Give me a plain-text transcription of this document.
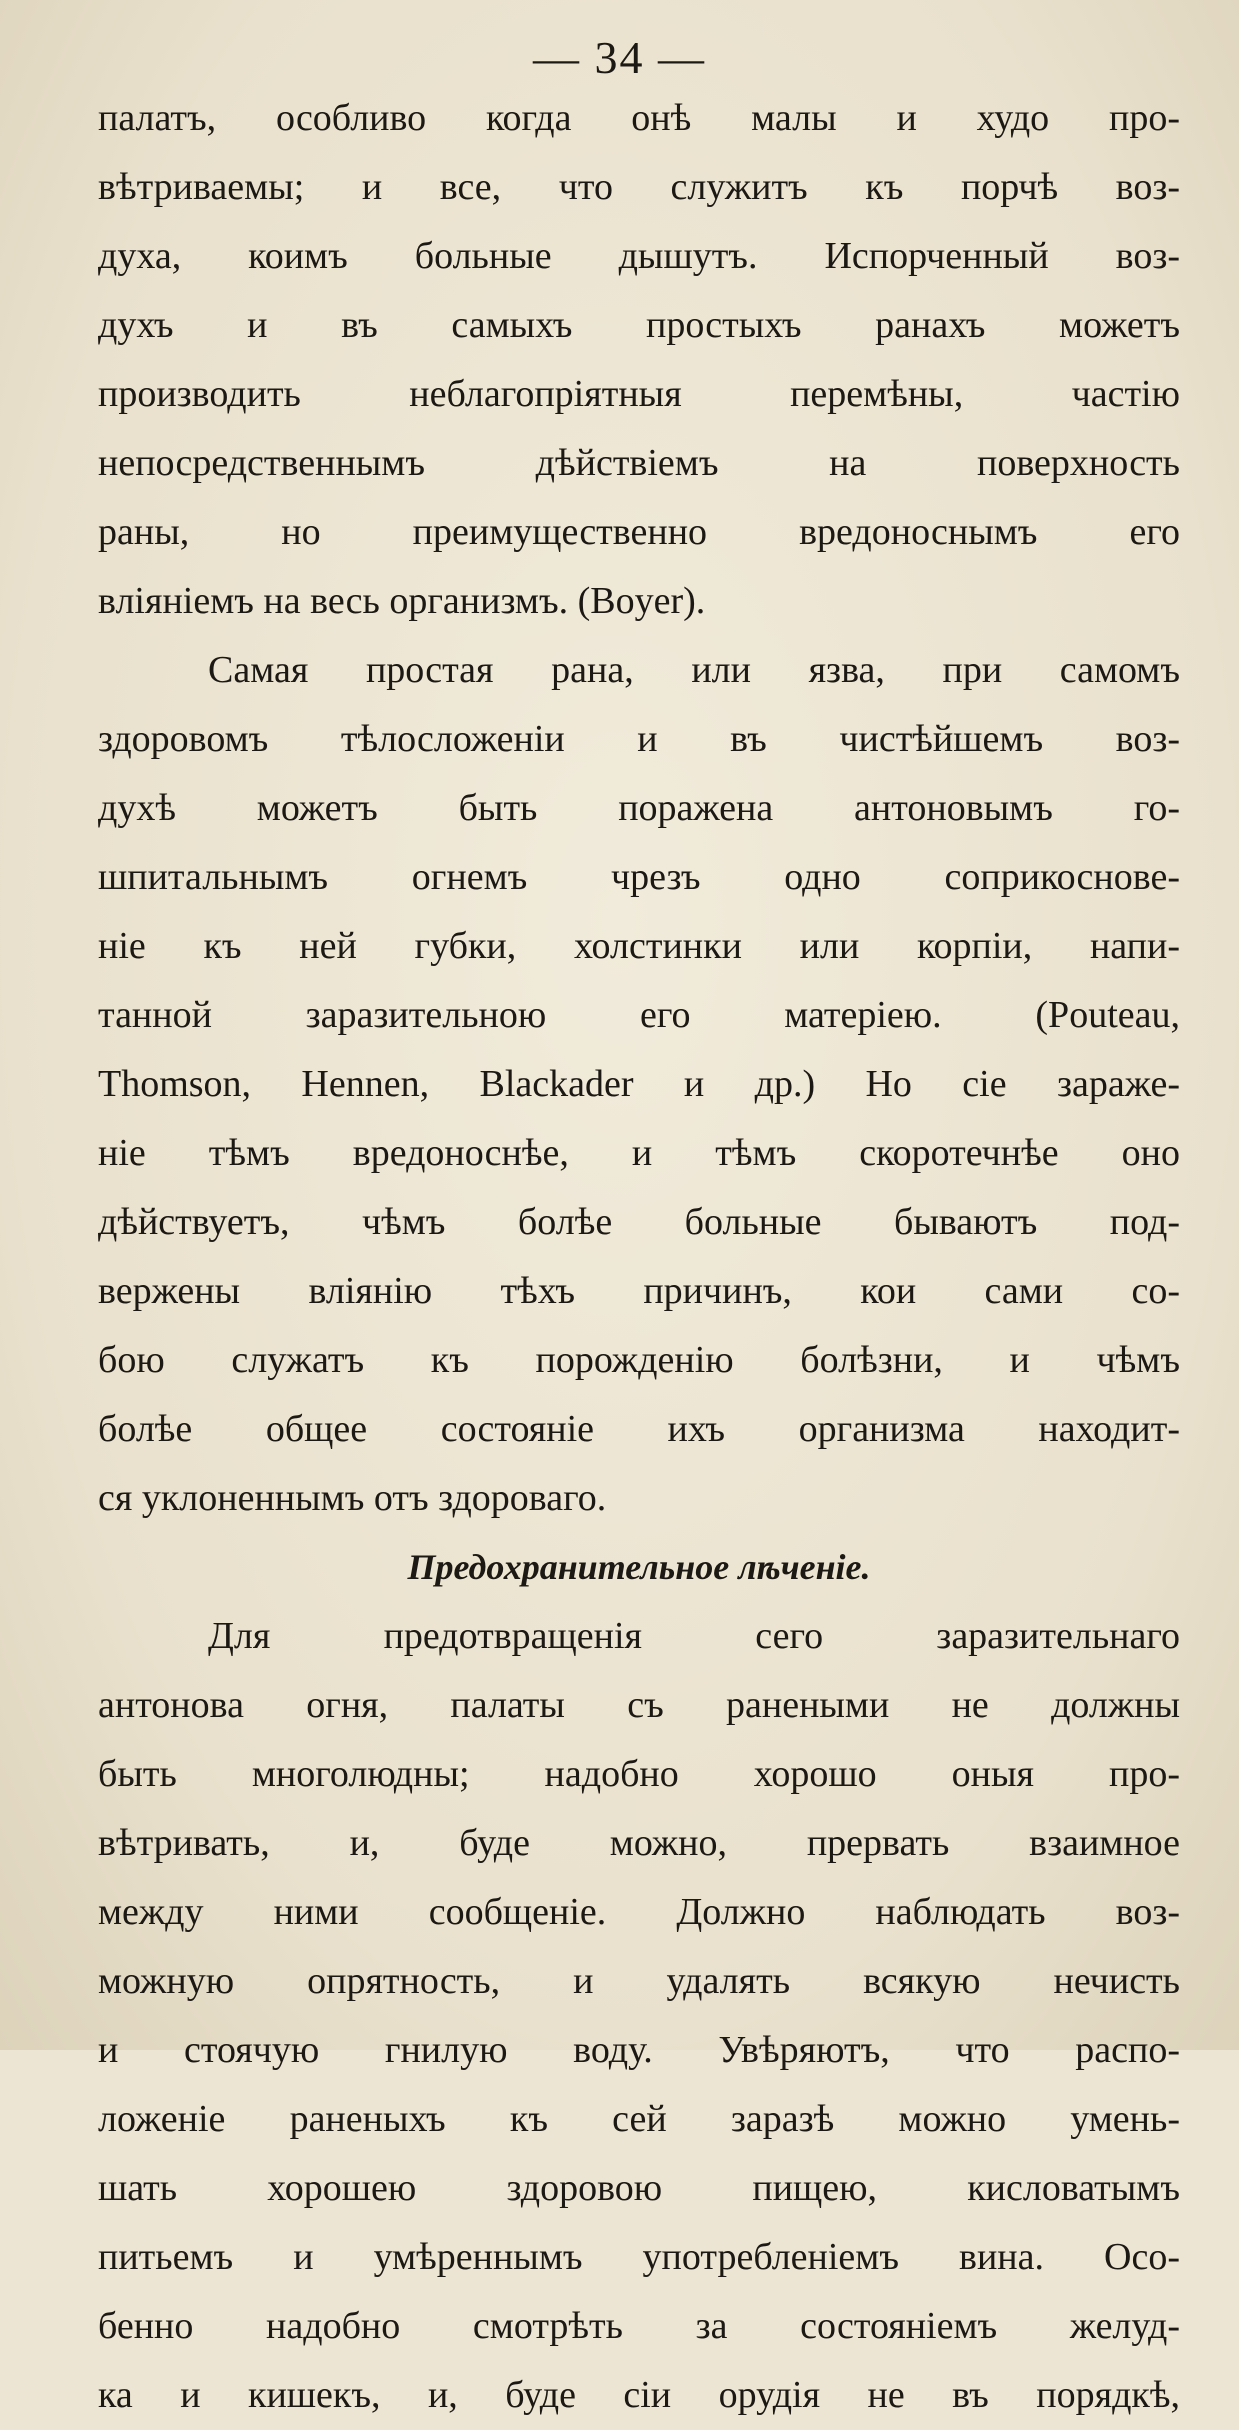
— 34 —
палатъ, особливо когда онѣ малы и худо про-
вѣтриваемы; и все, что служитъ къ порчѣ воз-
духа, коимъ больные дышутъ. Испорченный воз-
духъ и въ самыхъ простыхъ ранахъ можетъ
производить неблагопріятныя перемѣны, частію
непосредственнымъ дѣйствіемъ на поверхность
раны, но преимущественно вредоноснымъ его
вліяніемъ на весь организмъ. (Boyer).
Самая простая рана, или язва, при самомъ
здоровомъ тѣлосложеніи и въ чистѣйшемъ воз-
духѣ можетъ быть поражена антоновымъ го-
шпитальнымъ огнемъ чрезъ одно соприкоснове-
ніе къ ней губки, холстинки или корпіи, напи-
танной заразительною его матеріею. (Pouteau,
Thomson, Hennen, Blackader и др.) Но сіе зараже-
ніе тѣмъ вредоноснѣе, и тѣмъ скоротечнѣе оно
дѣйствуетъ, чѣмъ болѣе больные бываютъ под-
вержены вліянію тѣхъ причинъ, кои сами со-
бою служатъ къ порожденію болѣзни, и чѣмъ
болѣе общее состояніе ихъ организма находит-
ся уклоненнымъ отъ здороваго.
Предохранительное лѣченіе.
Для предотвращенія сего заразительнаго
антонова огня, палаты съ ранеными не должны
быть многолюдны; надобно хорошо оныя про-
вѣтривать, и, буде можно, прервать взаимное
между ними сообщеніе. Должно наблюдать воз-
можную опрятность, и удалять всякую нечисть
и стоячую гнилую воду. Увѣряютъ, что распо-
ложеніе раненыхъ къ сей заразѣ можно умень-
шать хорошею здоровою пищею, кисловатымъ
питьемъ и умѣреннымъ употребленіемъ вина. Осо-
бенно надобно смотрѣть за состояніемъ желуд-
ка и кишекъ, и, буде сіи орудія не въ порядкѣ,
